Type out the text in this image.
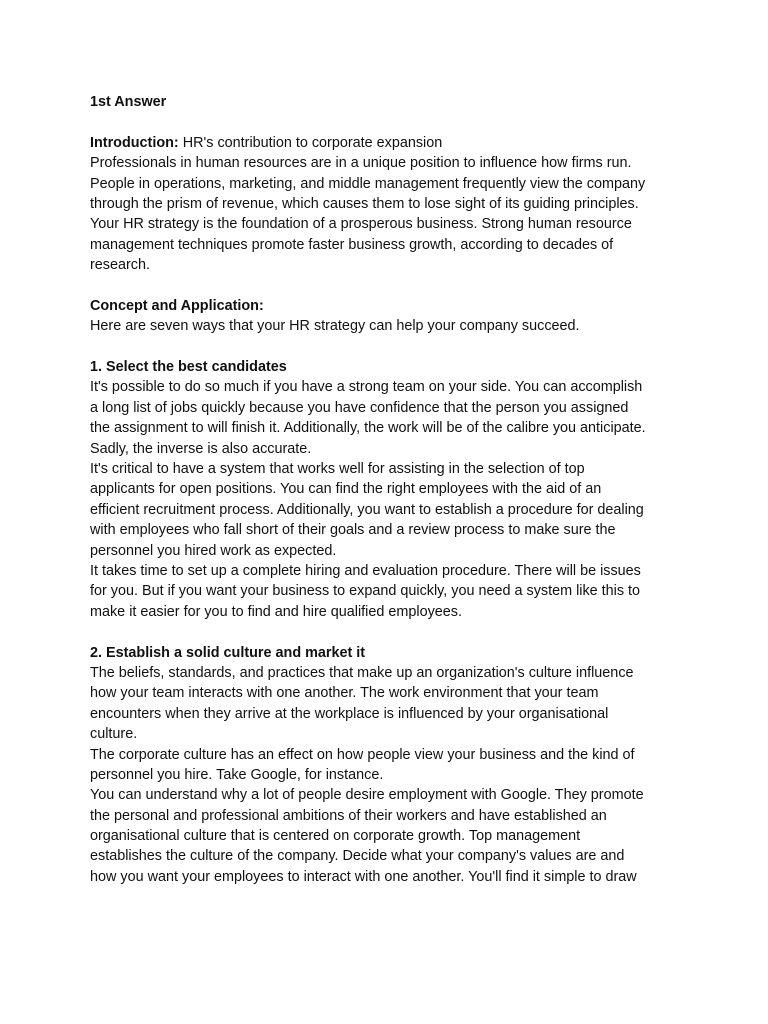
1st Answer
Introduction: HR's contribution to corporate expansion
Professionals in human resources are in a unique position to influence how firms run.
People in operations, marketing, and middle management frequently view the company
through the prism of revenue, which causes them to lose sight of its guiding principles.
Your HR strategy is the foundation of a prosperous business. Strong human resource
management techniques promote faster business growth, according to decades of
research.
Concept and Application:
Here are seven ways that your HR strategy can help your company succeed.
1. Select the best candidates
It's possible to do so much if you have a strong team on your side. You can accomplish
a long list of jobs quickly because you have confidence that the person you assigned
the assignment to will finish it. Additionally, the work will be of the calibre you anticipate.
Sadly, the inverse is also accurate.
It's critical to have a system that works well for assisting in the selection of top
applicants for open positions. You can find the right employees with the aid of an
efficient recruitment process. Additionally, you want to establish a procedure for dealing
with employees who fall short of their goals and a review process to make sure the
personnel you hired work as expected.
It takes time to set up a complete hiring and evaluation procedure. There will be issues
for you. But if you want your business to expand quickly, you need a system like this to
make it easier for you to find and hire qualified employees.
2. Establish a solid culture and market it
The beliefs, standards, and practices that make up an organization's culture influence
how your team interacts with one another. The work environment that your team
encounters when they arrive at the workplace is influenced by your organisational
culture.
The corporate culture has an effect on how people view your business and the kind of
personnel you hire. Take Google, for instance.
You can understand why a lot of people desire employment with Google. They promote
the personal and professional ambitions of their workers and have established an
organisational culture that is centered on corporate growth. Top management
establishes the culture of the company. Decide what your company's values are and
how you want your employees to interact with one another. You'll find it simple to draw
